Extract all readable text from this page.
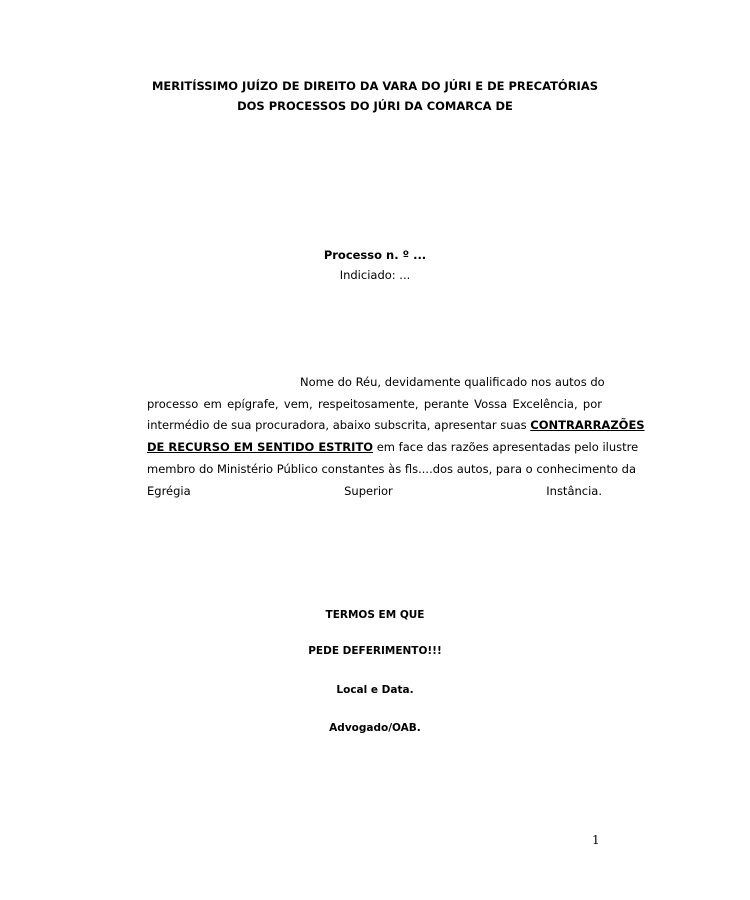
MERITÍSSIMO JUÍZO DE DIREITO DA VARA DO JÚRI E DE PRECATÓRIAS
DOS PROCESSOS DO JÚRI DA COMARCA DE
Processo n. º ...
Indiciado: ...
Nome do Réu, devidamente qualificado nos autos do
processo em epígrafe, vem, respeitosamente, perante Vossa Excelência, por
intermédio de sua procuradora, abaixo subscrita, apresentar suas CONTRARRAZÕES
DE RECURSO EM SENTIDO ESTRITO em face das razões apresentadas pelo ilustre
membro do Ministério Público constantes às fls....dos autos, para o conhecimento da
Egrégia Superior Instância.
TERMOS EM QUE
PEDE DEFERIMENTO!!!
Local e Data.
Advogado/OAB.
1
